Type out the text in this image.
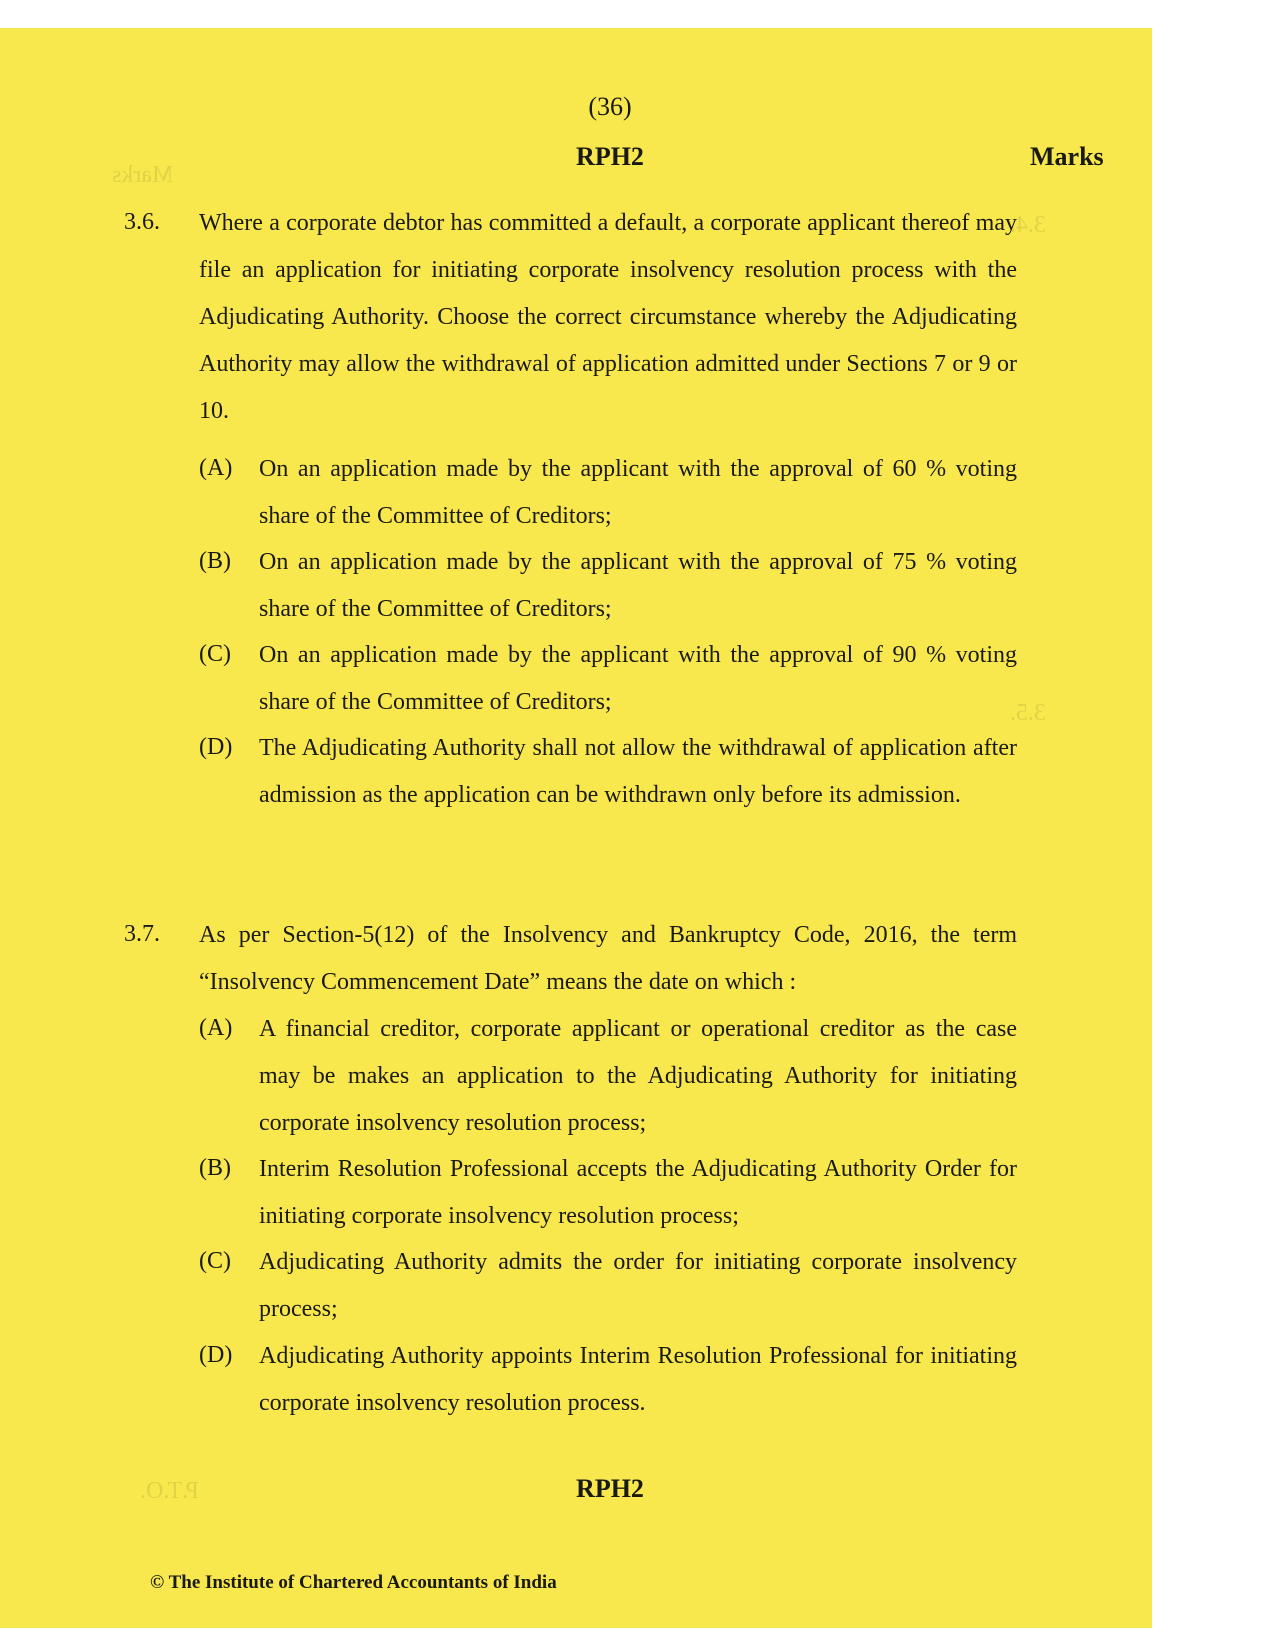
Marks
3.4.
3.5.
P.T.O.
(36)
RPH2	Marks
3.6. Where a corporate debtor has committed a default, a corporate applicant thereof may file an application for initiating corporate insolvency resolution process with the Adjudicating Authority. Choose the correct circumstance whereby the Adjudicating Authority may allow the withdrawal of application admitted under Sections 7 or 9 or 10.
(A) On an application made by the applicant with the approval of 60 % voting share of the Committee of Creditors;
(B) On an application made by the applicant with the approval of 75 % voting share of the Committee of Creditors;
(C) On an application made by the applicant with the approval of 90 % voting share of the Committee of Creditors;
(D) The Adjudicating Authority shall not allow the withdrawal of application after admission as the application can be withdrawn only before its admission.
3.7. As per Section-5(12) of the Insolvency and Bankruptcy Code, 2016, the term “Insolvency Commencement Date” means the date on which :
(A) A financial creditor, corporate applicant or operational creditor as the case may be makes an application to the Adjudicating Authority for initiating corporate insolvency resolution process;
(B) Interim Resolution Professional accepts the Adjudicating Authority Order for initiating corporate insolvency resolution process;
(C) Adjudicating Authority admits the order for initiating corporate insolvency process;
(D) Adjudicating Authority appoints Interim Resolution Professional for initiating corporate insolvency resolution process.
RPH2
© The Institute of Chartered Accountants of India
